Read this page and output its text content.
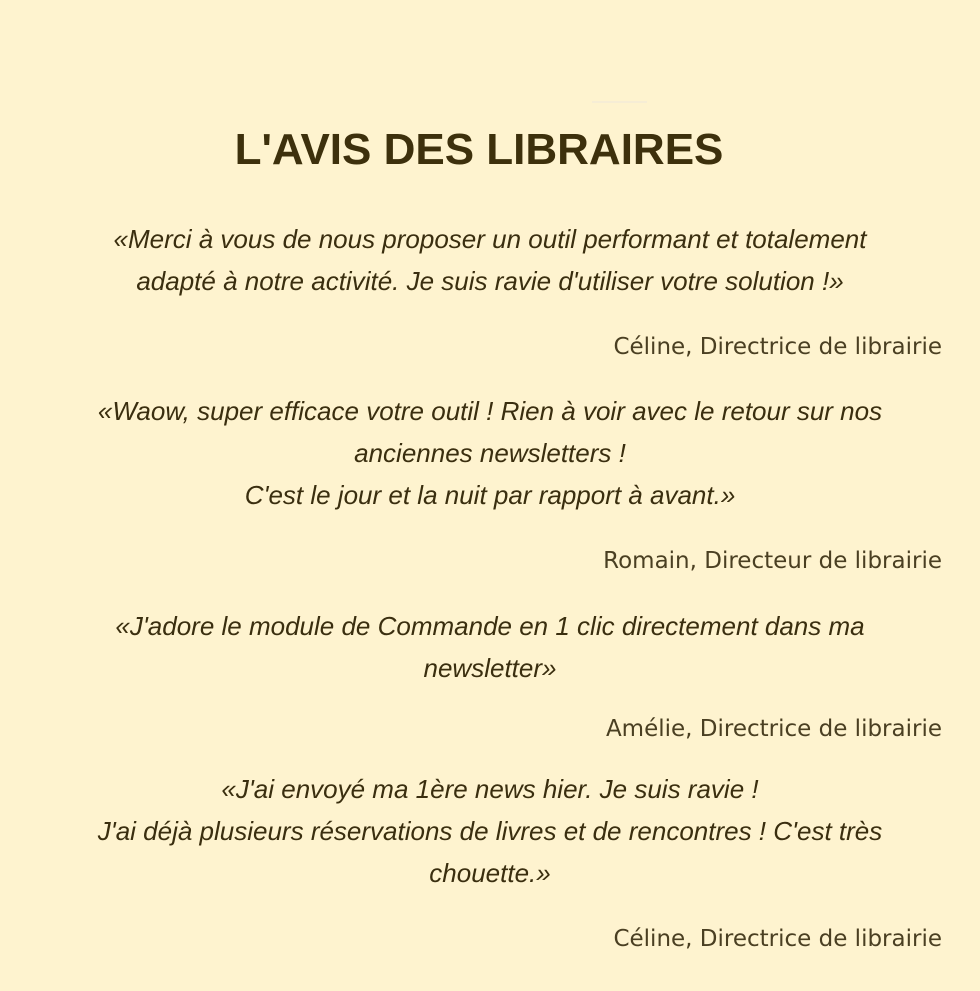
L'AVIS DES LIBRAIRES

«Merci à vous de nous proposer un outil performant et totalement
adapté à notre activité. Je suis ravie d'utiliser votre solution !»

Céline, Directrice de librairie

«Waow, super efficace votre outil ! Rien à voir avec le retour sur nos
anciennes newsletters !
C'est le jour et la nuit par rapport à avant.»

Romain, Directeur de librairie

«J'adore le module de Commande en 1 clic directement dans ma
newsletter»

Amélie, Directrice de librairie

«J'ai envoyé ma 1ère news hier. Je suis ravie !
J'ai déjà plusieurs réservations de livres et de rencontres ! C'est très
chouette.»

Céline, Directrice de librairie
